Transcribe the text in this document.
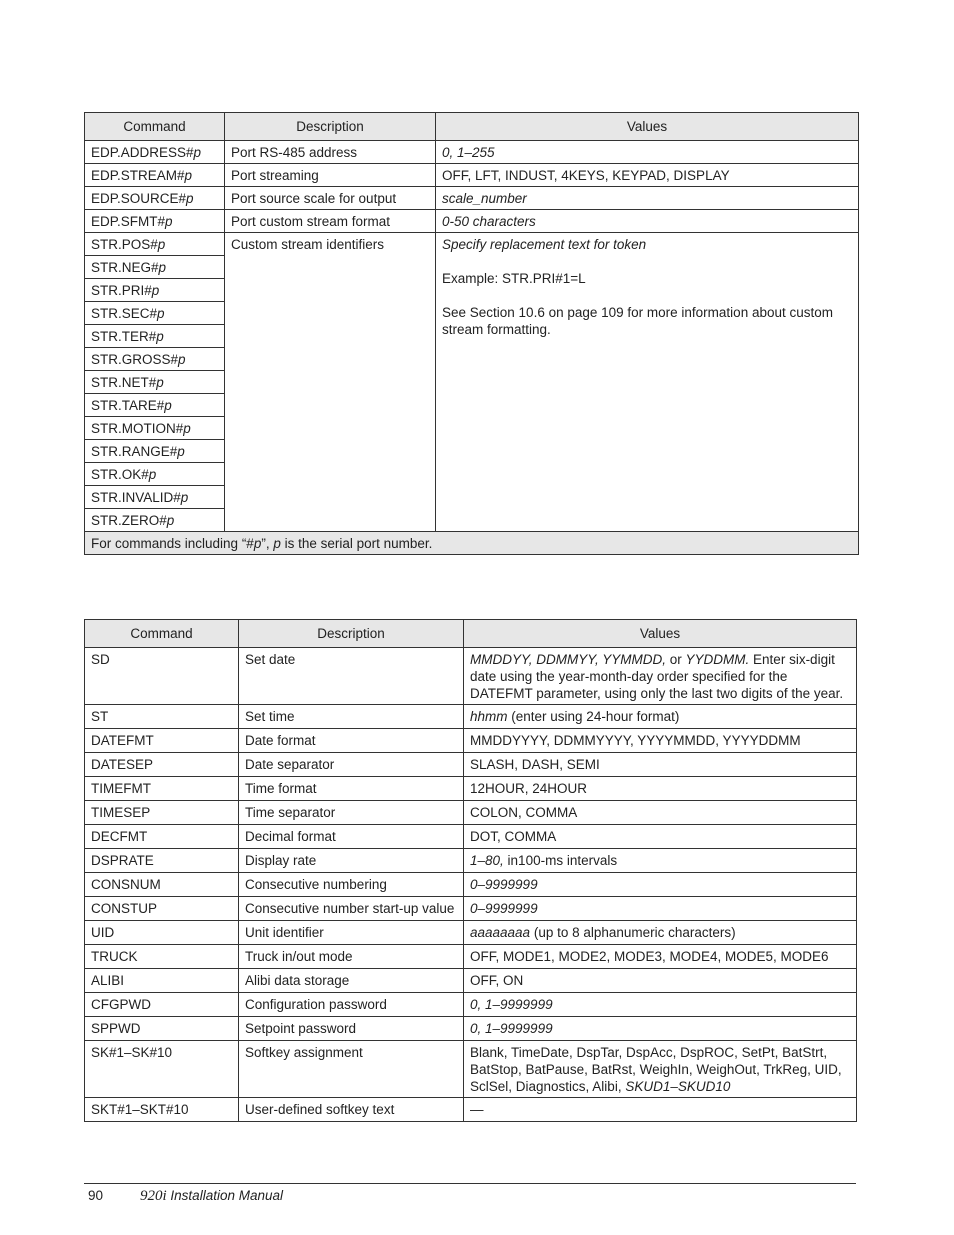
Command	Description	Values
EDP.ADDRESS#p	Port RS-485 address	0, 1–255
EDP.STREAM#p	Port streaming	OFF, LFT, INDUST, 4KEYS, KEYPAD, DISPLAY
EDP.SOURCE#p	Port source scale for output	scale_number
EDP.SFMT#p	Port custom stream format	0-50 characters
STR.POS#p	Custom stream identifiers	Specify replacement text for token
Example: STR.PRI#1=L
See Section 10.6 on page 109 for more information about custom stream formatting.

STR.NEG#p		
STR.PRI#p		
STR.SEC#p		
STR.TER#p		
STR.GROSS#p		
STR.NET#p		
STR.TARE#p		
STR.MOTION#p		
STR.RANGE#p		
STR.OK#p		
STR.INVALID#p		
STR.ZERO#p		
For commands including “#p”, p is the serial port number.		
Command	Description	Values
SD	Set date	MMDDYY, DDMMYY, YYMMDD, or YYDDMM. Enter six-digit date using the year-month-day order specified for the DATEFMT parameter, using only the last two digits of the year.
ST	Set time	hhmm (enter using 24-hour format)
DATEFMT	Date format	MMDDYYYY, DDMMYYYY, YYYYMMDD, YYYYDDMM
DATESEP	Date separator	SLASH, DASH, SEMI
TIMEFMT	Time format	12HOUR, 24HOUR
TIMESEP	Time separator	COLON, COMMA
DECFMT	Decimal format	DOT, COMMA
DSPRATE	Display rate	1–80, in100-ms intervals
CONSNUM	Consecutive numbering	0–9999999
CONSTUP	Consecutive number start-up value	0–9999999
UID	Unit identifier	aaaaaaaa (up to 8 alphanumeric characters)
TRUCK	Truck in/out mode	OFF, MODE1, MODE2, MODE3, MODE4, MODE5, MODE6
ALIBI	Alibi data storage	OFF, ON
CFGPWD	Configuration password	0, 1–9999999
SPPWD	Setpoint password	0, 1–9999999
SK#1–SK#10	Softkey assignment	Blank, TimeDate, DspTar, DspAcc, DspROC, SetPt, BatStrt, BatStop, BatPause, BatRst, WeighIn, WeighOut, TrkReg, UID, SclSel, Diagnostics, Alibi, SKUD1–SKUD10
SKT#1–SKT#10	User-defined softkey text	—
90 920i Installation Manual
